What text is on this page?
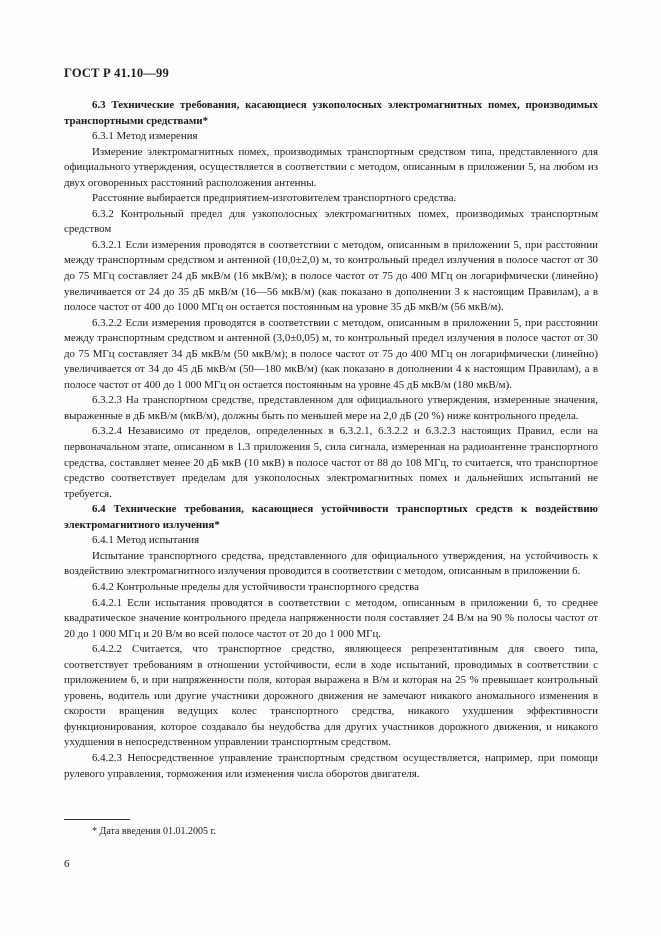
ГОСТ Р 41.10—99

6.3 Технические требования, касающиеся узкополосных электромагнитных помех, производимых транспортными средствами*

6.3.1 Метод измерения

Измерение электромагнитных помех, производимых транспортным средством типа, представленного для официального утверждения, осуществляется в соответствии с методом, описанным в приложении 5, на любом из двух оговоренных расстояний расположения антенны.

Расстояние выбирается предприятием-изготовителем транспортного средства.

6.3.2 Контрольный предел для узкополосных электромагнитных помех, производимых транспортным средством

6.3.2.1 Если измерения проводятся в соответствии с методом, описанным в приложении 5, при расстоянии между транспортным средством и антенной (10,0±2,0) м, то контрольный предел излучения в полосе частот от 30 до 75 МГц составляет 24 дБ мкВ/м (16 мкВ/м); в полосе частот от 75 до 400 МГц он логарифмически (линейно) увеличивается от 24 до 35 дБ мкВ/м (16—56 мкВ/м) (как показано в дополнении 3 к настоящим Правилам), а в полосе частот от 400 до 1000 МГц он остается постоянным на уровне 35 дБ мкВ/м (56 мкВ/м).

6.3.2.2 Если измерения проводятся в соответствии с методом, описанным в приложении 5, при расстоянии между транспортным средством и антенной (3,0±0,05) м, то контрольный предел излучения в полосе частот от 30 до 75 МГц составляет 34 дБ мкВ/м (50 мкВ/м); в полосе частот от 75 до 400 МГц он логарифмически (линейно) увеличивается от 34 до 45 дБ мкВ/м (50—180 мкВ/м) (как показано в дополнении 4 к настоящим Правилам), а в полосе частот от 400 до 1 000 МГц он остается постоянным на уровне 45 дБ мкВ/м (180 мкВ/м).

6.3.2.3 На транспортном средстве, представленном для официального утверждения, измеренные значения, выраженные в дБ мкВ/м (мкВ/м), должны быть по меньшей мере на 2,0 дБ (20 %) ниже контрольного предела.

6.3.2.4 Независимо от пределов, определенных в 6.3.2.1, 6.3.2.2 и 6.3.2.3 настоящих Правил, если на первоначальном этапе, описанном в 1.3 приложения 5, сила сигнала, измеренная на радиоантенне транспортного средства, составляет менее 20 дБ мкВ (10 мкВ) в полосе частот от 88 до 108 МГц, то считается, что транспортное средство соответствует пределам для узкополосных электромагнитных помех и дальнейших испытаний не требуется.

6.4 Технические требования, касающиеся устойчивости транспортных средств к воздействию электромагнитного излучения*

6.4.1 Метод испытания

Испытание транспортного средства, представленного для официального утверждения, на устойчивость к воздействию электромагнитного излучения проводится в соответствии с методом, описанным в приложении 6.

6.4.2 Контрольные пределы для устойчивости транспортного средства

6.4.2.1 Если испытания проводятся в соответствии с методом, описанным в приложении 6, то среднее квадратическое значение контрольного предела напряженности поля составляет 24 В/м на 90 % полосы частот от 20 до 1 000 МГц и 20 В/м во всей полосе частот от 20 до 1 000 МГц.

6.4.2.2 Считается, что транспортное средство, являющееся репрезентативным для своего типа, соответствует требованиям в отношении устойчивости, если в ходе испытаний, проводимых в соответствии с приложением 6, и при напряженности поля, которая выражена в В/м и которая на 25 % превышает контрольный уровень, водитель или другие участники дорожного движения не замечают никакого аномального изменения в скорости вращения ведущих колес транспортного средства, никакого ухудшения эффективности функционирования, которое создавало бы неудобства для других участников дорожного движения, и никакого ухудшения в непосредственном управлении транспортным средством.

6.4.2.3 Непосредственное управление транспортным средством осуществляется, например, при помощи рулевого управления, торможения или изменения числа оборотов двигателя.

* Дата введения 01.01.2005 г.
6
